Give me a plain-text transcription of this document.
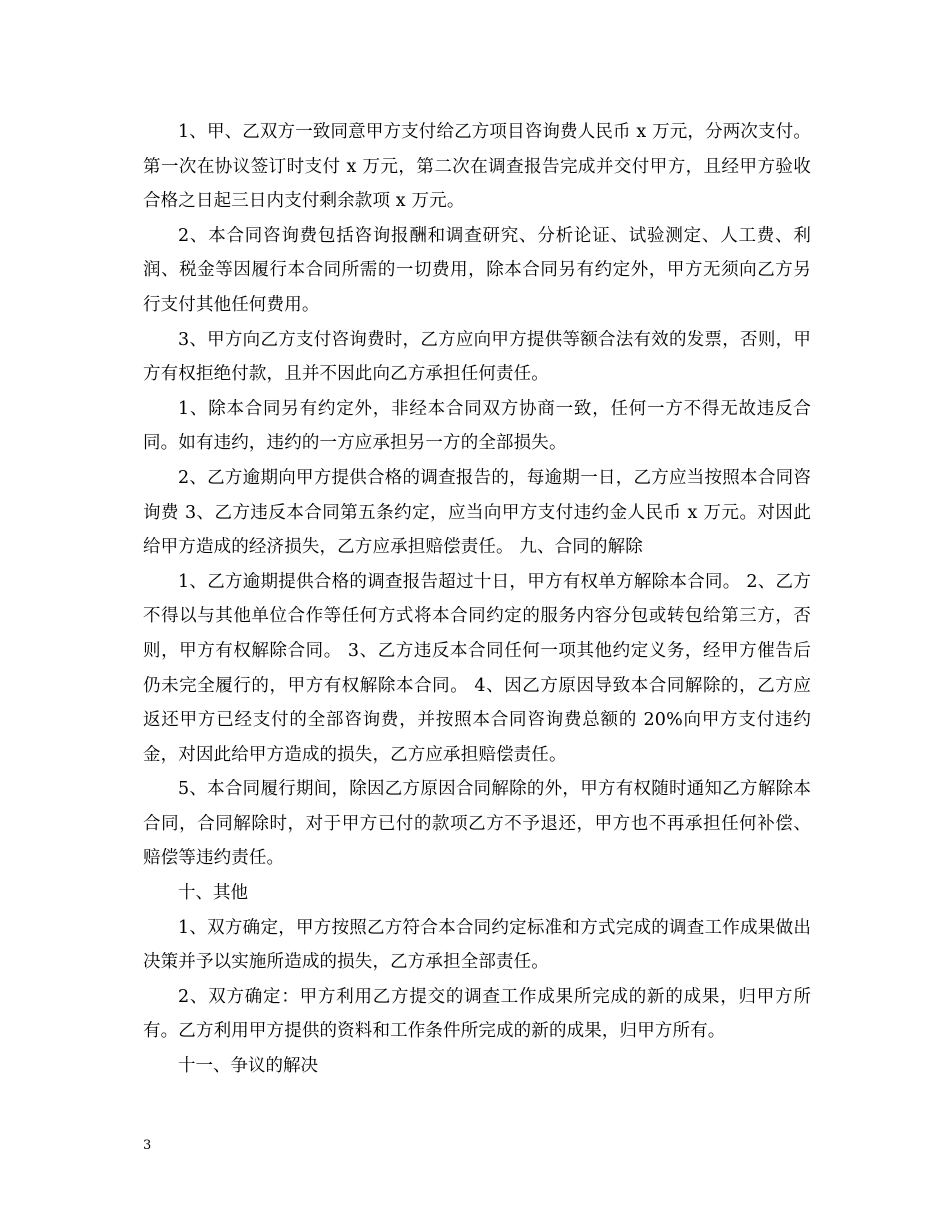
1、甲、乙双方一致同意甲方支付给乙方项目咨询费人民币 x 万元，分两次支付。第一次在协议签订时支付 x 万元，第二次在调查报告完成并交付甲方，且经甲方验收合格之日起三日内支付剩余款项 x 万元。

2、本合同咨询费包括咨询报酬和调查研究、分析论证、试验测定、人工费、利润、税金等因履行本合同所需的一切费用，除本合同另有约定外，甲方无须向乙方另行支付其他任何费用。

3、甲方向乙方支付咨询费时，乙方应向甲方提供等额合法有效的发票，否则，甲方有权拒绝付款，且并不因此向乙方承担任何责任。

1、除本合同另有约定外，非经本合同双方协商一致，任何一方不得无故违反合同。如有违约，违约的一方应承担另一方的全部损失。

2、乙方逾期向甲方提供合格的调查报告的，每逾期一日，乙方应当按照本合同咨询费 3、乙方违反本合同第五条约定，应当向甲方支付违约金人民币 x 万元。对因此给甲方造成的经济损失，乙方应承担赔偿责任。 九、合同的解除

1、乙方逾期提供合格的调查报告超过十日，甲方有权单方解除本合同。 2、乙方不得以与其他单位合作等任何方式将本合同约定的服务内容分包或转包给第三方，否则，甲方有权解除合同。 3、乙方违反本合同任何一项其他约定义务，经甲方催告后仍未完全履行的，甲方有权解除本合同。 4、因乙方原因导致本合同解除的，乙方应返还甲方已经支付的全部咨询费，并按照本合同咨询费总额的 20%向甲方支付违约金，对因此给甲方造成的损失，乙方应承担赔偿责任。

5、本合同履行期间，除因乙方原因合同解除的外，甲方有权随时通知乙方解除本合同，合同解除时，对于甲方已付的款项乙方不予退还，甲方也不再承担任何补偿、赔偿等违约责任。

十、其他

1、双方确定，甲方按照乙方符合本合同约定标准和方式完成的调查工作成果做出决策并予以实施所造成的损失，乙方承担全部责任。

2、双方确定：甲方利用乙方提交的调查工作成果所完成的新的成果，归甲方所有。乙方利用甲方提供的资料和工作条件所完成的新的成果，归甲方所有。

十一、争议的解决

3
